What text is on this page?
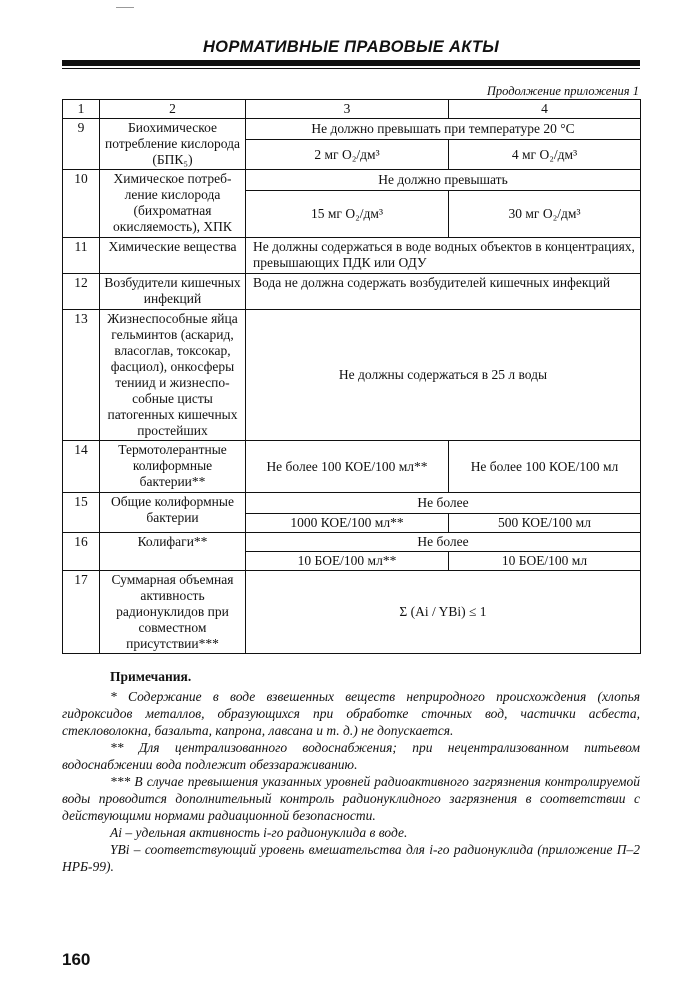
НОРМАТИВНЫЕ ПРАВОВЫЕ АКТЫ
Продолжение приложения 1
1	2	3	4
9	Биохимическое потребление кислорода (БПК₅)	Не должно превышать при температуре 20 °С	
		2 мг О₂/дм³	4 мг О₂/дм³
10	Химическое потреб-ление кислорода (бихроматная окисляемость), ХПК	Не должно превышать	
		15 мг О₂/дм³	30 мг О₂/дм³
11	Химические вещества	Не должны содержаться в воде водных объектов в концентрациях, превышающих ПДК или ОДУ	
12	Возбудители кишечных инфекций	Вода не должна содержать возбудителей кишечных инфекций	
13	Жизнеспособные яйца гельминтов (аскарид, власоглав, токсокар, фасциол), онкосферы тениид и жизнеспо-собные цисты патогенных кишечных простейших	Не должны содержаться в 25 л воды	
14	Термотолерантные колиформные бактерии**	Не более 100 КОЕ/100 мл**	Не более 100 КОЕ/100 мл
15	Общие колиформные бактерии	Не более	
		1000 КОЕ/100 мл**	500 КОЕ/100 мл
16	Колифаги**	Не более	
		10 БОЕ/100 мл**	10 БОЕ/100 мл
17	Суммарная объемная активность радионуклидов при совместном присутствии***	Σ (Ai / YBi) ≤ 1	
Примечания.

* Содержание в воде взвешенных веществ неприродного происхождения (хлопья гидроксидов металлов, образующихся при обработке сточных вод, частички асбеста, стекловолокна, базальта, капрона, лавсана и т. д.) не допускается.

** Для централизованного водоснабжения; при нецентрализованном питьевом водоснабжении вода подлежит обеззараживанию.

*** В случае превышения указанных уровней радиоактивного загрязнения контролируемой воды проводится дополнительный контроль радионуклидного загрязнения в соответствии с действующими нормами радиационной безопасности.

Ai – удельная активность i-го радионуклида в воде.

YBi – соответствующий уровень вмешательства для i-го радионуклида (приложение П–2 НРБ-99).

160
